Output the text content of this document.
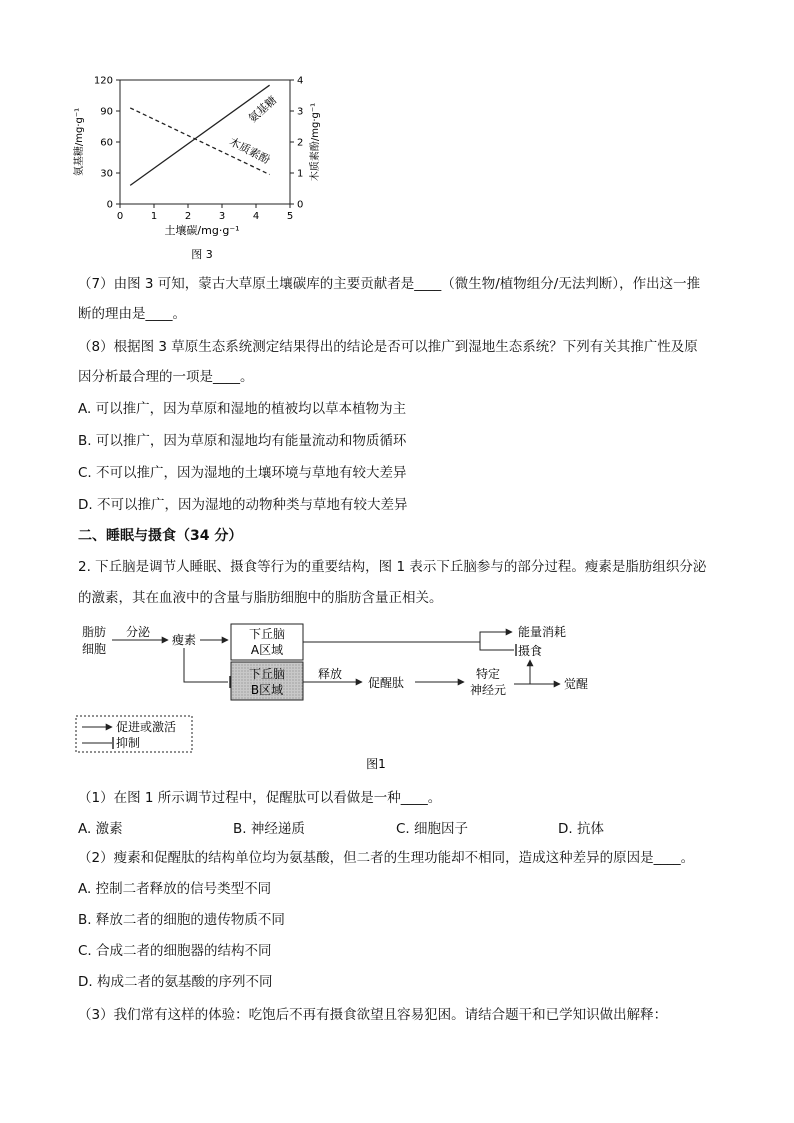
0	1	2	3	4	5
0
30
60
90
120
0
1
2
3
4
氨基糖/mg·g⁻¹	木质素酚/mg·g⁻¹
土壤碳/mg·g⁻¹
氨基糖
木质素酚
图 3
（7）由图 3 可知，蒙古大草原土壤碳库的主要贡献者是____（微生物/植物组分/无法判断），作出这一推
断的理由是____。
（8）根据图 3 草原生态系统测定结果得出的结论是否可以推广到湿地生态系统？下列有关其推广性及原
因分析最合理的一项是____。
A. 可以推广，因为草原和湿地的植被均以草本植物为主
B. 可以推广，因为草原和湿地均有能量流动和物质循环
C. 不可以推广，因为湿地的土壤环境与草地有较大差异
D. 不可以推广，因为湿地的动物种类与草地有较大差异
二、睡眠与摄食（34 分）
2. 下丘脑是调节人睡眠、摄食等行为的重要结构，图 1 表示下丘脑参与的部分过程。瘦素是脂肪组织分泌
的激素，其在血液中的含量与脂肪细胞中的脂肪含量正相关。
脂肪
细胞
分泌
瘦素	下丘脑
A区域
下丘脑
B区域
能量消耗
摄食
释放
促醒肽
特定
神经元	觉醒
促进或激活
抑制
图1
（1）在图 1 所示调节过程中，促醒肽可以看做是一种____。
A. 激素	B. 神经递质	C. 细胞因子	D. 抗体
（2）瘦素和促醒肽的结构单位均为氨基酸，但二者的生理功能却不相同，造成这种差异的原因是____。
A. 控制二者释放的信号类型不同
B. 释放二者的细胞的遗传物质不同
C. 合成二者的细胞器的结构不同
D. 构成二者的氨基酸的序列不同
（3）我们常有这样的体验：吃饱后不再有摄食欲望且容易犯困。请结合题干和已学知识做出解释：
